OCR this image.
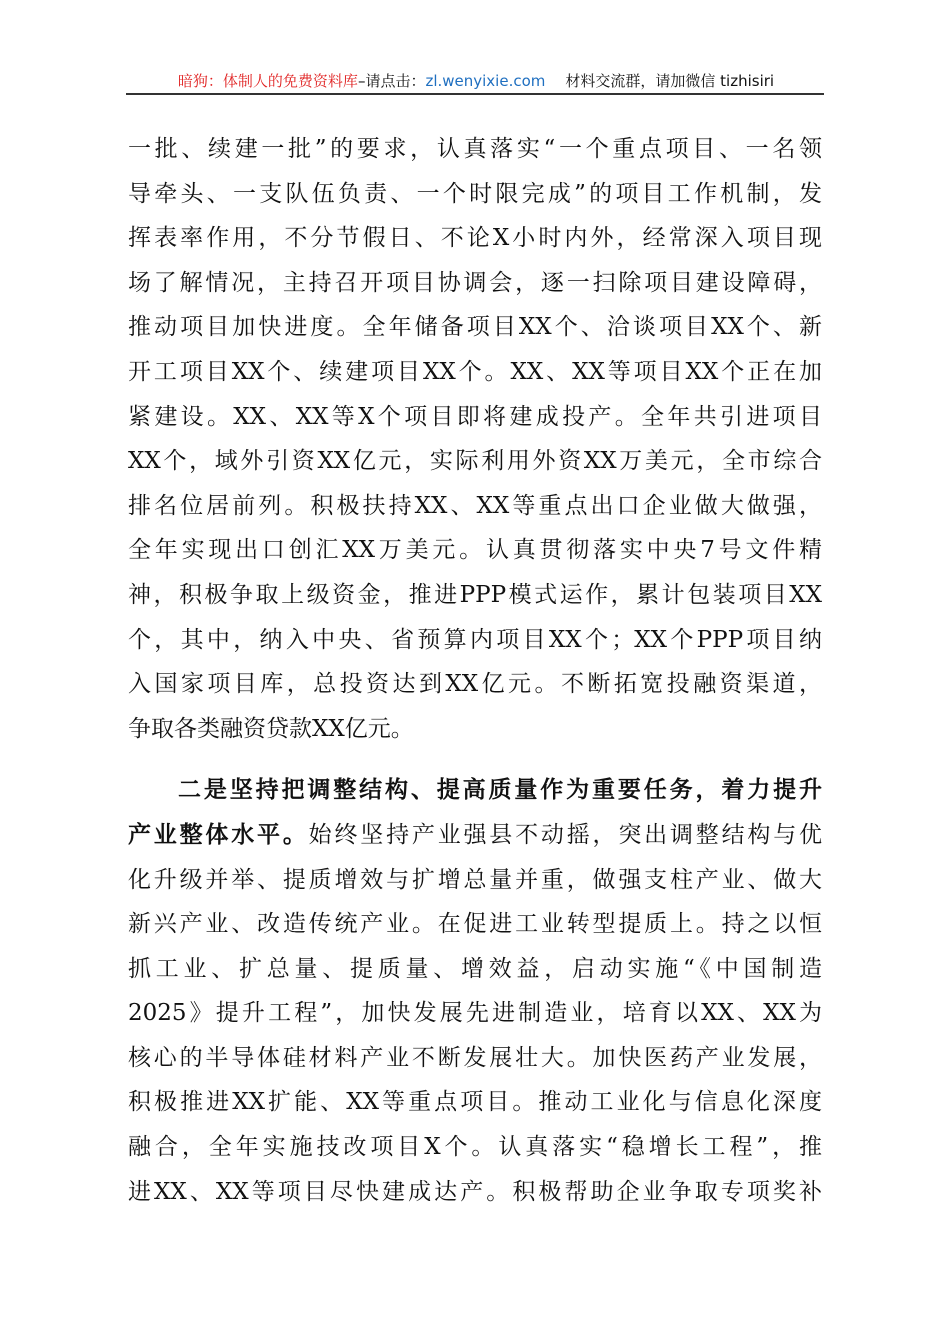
暗狗：体制人的免费资料库–请点击：zl.wenyixie.com 材料交流群，请加微信 tizhisiri
一批、续建一批”的要求，认真落实“一个重点项目、一名领
导牵头、一支队伍负责、一个时限完成”的项目工作机制，发
挥表率作用，不分节假日、不论X小时内外，经常深入项目现
场了解情况，主持召开项目协调会，逐一扫除项目建设障碍，
推动项目加快进度。全年储备项目XX个、洽谈项目XX个、新
开工项目XX个、续建项目XX个。XX、XX等项目XX个正在加
紧建设。XX、XX等X个项目即将建成投产。全年共引进项目
XX个，域外引资XX亿元，实际利用外资XX万美元，全市综合
排名位居前列。积极扶持XX、XX等重点出口企业做大做强，
全年实现出口创汇XX万美元。认真贯彻落实中央7号文件精
神，积极争取上级资金，推进PPP模式运作，累计包装项目XX
个，其中，纳入中央、省预算内项目XX个；XX个PPP项目纳
入国家项目库，总投资达到XX亿元。不断拓宽投融资渠道，
争取各类融资贷款XX亿元。
二是坚持把调整结构、提高质量作为重要任务，着力提升
产业整体水平。始终坚持产业强县不动摇，突出调整结构与优
化升级并举、提质增效与扩增总量并重，做强支柱产业、做大
新兴产业、改造传统产业。在促进工业转型提质上。持之以恒
抓工业、扩总量、提质量、增效益，启动实施“《中国制造
2025》提升工程”，加快发展先进制造业，培育以XX、XX为
核心的半导体硅材料产业不断发展壮大。加快医药产业发展，
积极推进XX扩能、XX等重点项目。推动工业化与信息化深度
融合，全年实施技改项目X个。认真落实“稳增长工程”，推
进XX、XX等项目尽快建成达产。积极帮助企业争取专项奖补
